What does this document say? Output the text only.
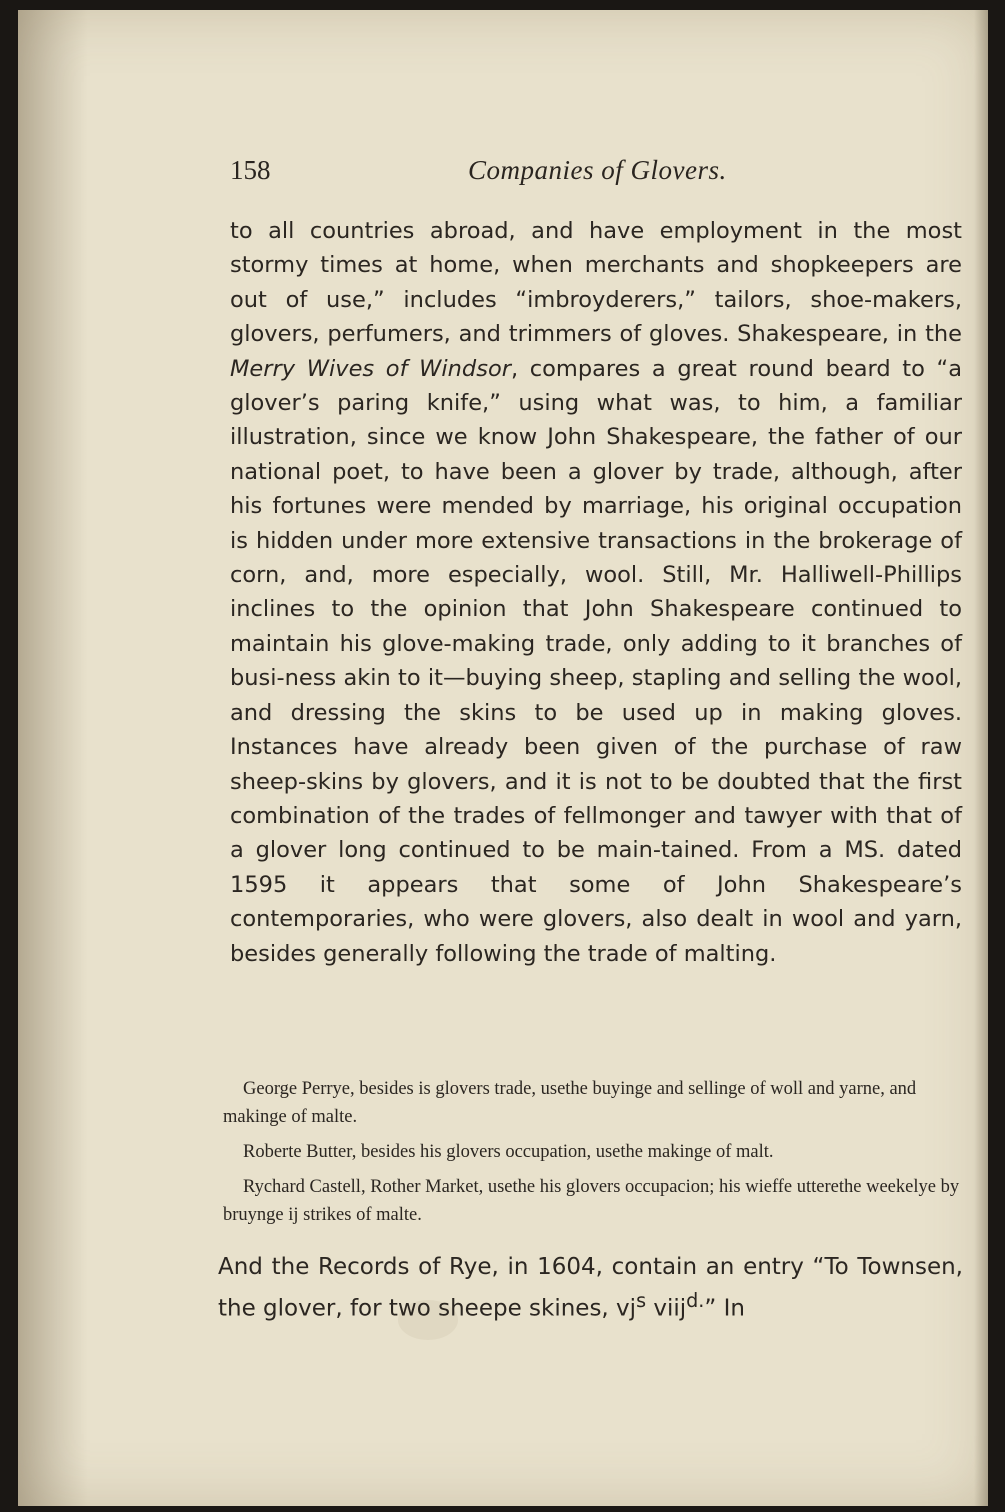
158	Companies of Glovers.

to all countries abroad, and have employment in the most stormy times at home, when merchants and shopkeepers are out of use,” includes “imbroyderers,” tailors, shoe-makers, glovers, perfumers, and trimmers of gloves. Shakespeare, in the Merry Wives of Windsor, compares a great round beard to “a glover’s paring knife,” using what was, to him, a familiar illustration, since we know John Shakespeare, the father of our national poet, to have been a glover by trade, although, after his fortunes were mended by marriage, his original occupation is hidden under more extensive transactions in the brokerage of corn, and, more especially, wool. Still, Mr. Halliwell-Phillips inclines to the opinion that John Shakespeare continued to maintain his glove-making trade, only adding to it branches of busi-ness akin to it—buying sheep, stapling and selling the wool, and dressing the skins to be used up in making gloves. Instances have already been given of the purchase of raw sheep-skins by glovers, and it is not to be doubted that the first combination of the trades of fellmonger and tawyer with that of a glover long continued to be main-tained. From a MS. dated 1595 it appears that some of John Shakespeare’s contemporaries, who were glovers, also dealt in wool and yarn, besides generally following the trade of malting.

George Perrye, besides is glovers trade, usethe buyinge and sellinge of woll and yarne, and makinge of malte.

Roberte Butter, besides his glovers occupation, usethe makinge of malt.

Rychard Castell, Rother Market, usethe his glovers occupacion; his wieffe utterethe weekelye by bruynge ij strikes of malte.

And the Records of Rye, in 1604, contain an entry “To Townsen, the glover, for two sheepe skines, $vj^s$ viij$^{d.}$” In
